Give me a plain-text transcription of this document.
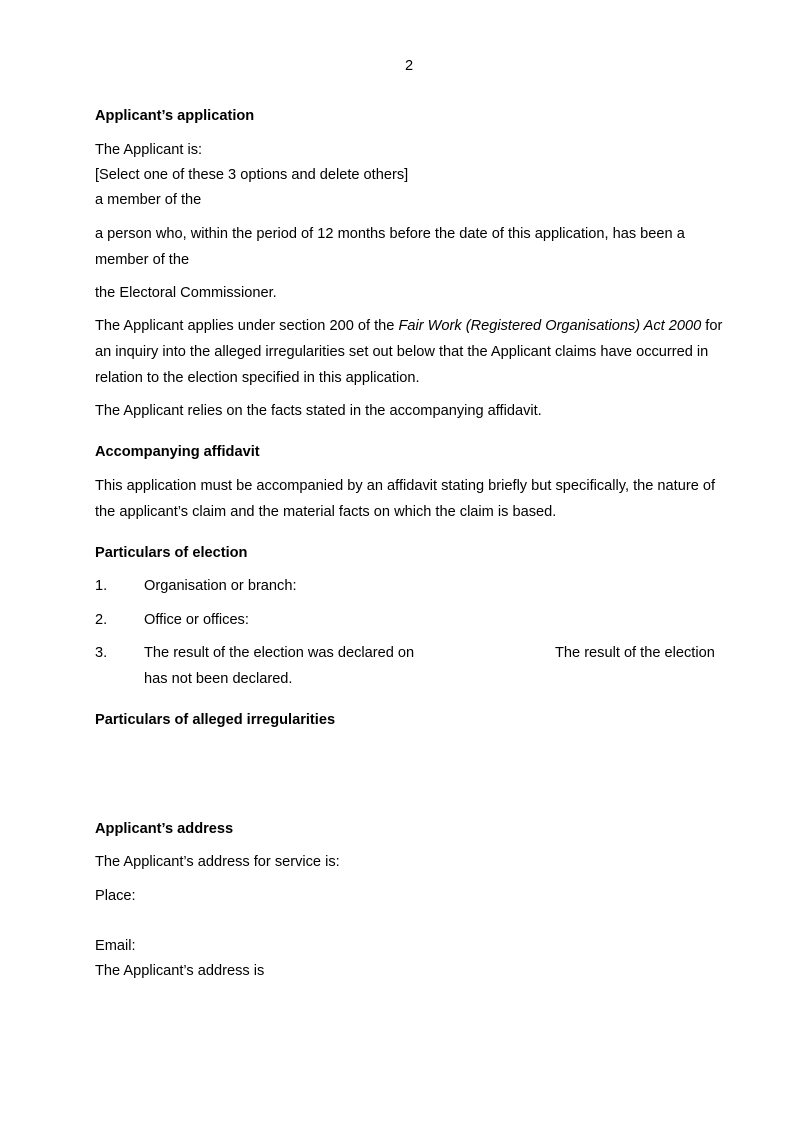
2

Applicant’s application

The Applicant is:

[Select one of these 3 options and delete others]

a member of the

a person who, within the period of 12 months before the date of this application, has been a member of the

the Electoral Commissioner.

The Applicant applies under section 200 of the Fair Work (Registered Organisations) Act 2000 for an inquiry into the alleged irregularities set out below that the Applicant claims have occurred in relation to the election specified in this application.

The Applicant relies on the facts stated in the accompanying affidavit.

Accompanying affidavit

This application must be accompanied by an affidavit stating briefly but specifically, the nature of the applicant’s claim and the material facts on which the claim is based.

Particulars of election

1.	Organisation or branch:
2.	Office or offices:
3.	The result of the election was declared on	The result of the election
has not been declared.

Particulars of alleged irregularities

Applicant’s address

The Applicant’s address for service is:

Place:

Email:

The Applicant’s address is
